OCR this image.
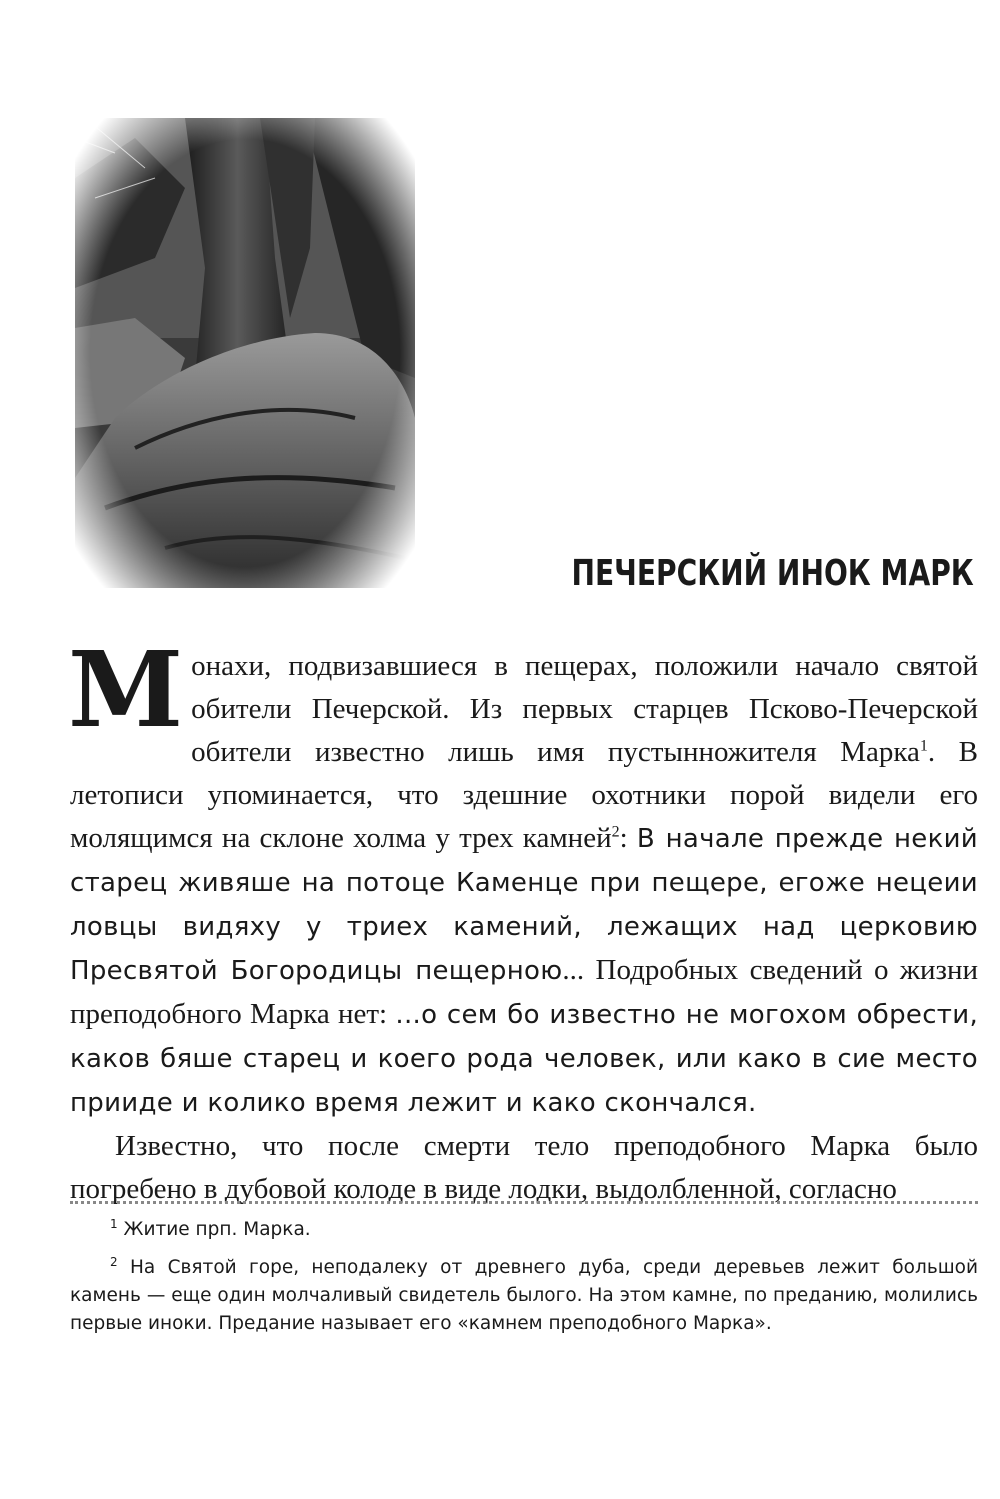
ПЕЧЕРСКИЙ ИНОК МАРК

Монахи, подвизавшиеся в пещерах, положили начало святой обители Печерской. Из первых старцев Псково-Печерской обители известно лишь имя пустынножителя Марка$^1$. В летописи упоминается, что здешние охотники порой видели его молящимся на склоне холма у трех камней$^2$: В начале прежде некий старец живяше на потоце Каменце при пещере, егоже нецеии ловцы видяху у триех камений, лежащих над церковию Пресвятой Богородицы пещерною... Подробных сведений о жизни преподобного Марка нет: ...о сем бо известно не могохом обрести, каков бяше старец и коего рода человек, или како в сие место прииде и колико время лежит и како скончался.

Известно, что после смерти тело преподобного Марка было погребено в дубовой колоде в виде лодки, выдолбленной, согласно

$^1$ Житие прп. Марка.

$^2$ На Святой горе, неподалеку от древнего дуба, среди деревьев лежит большой камень — еще один молчаливый свидетель былого. На этом камне, по преданию, молились первые иноки. Предание называет его «камнем преподобного Марка».
